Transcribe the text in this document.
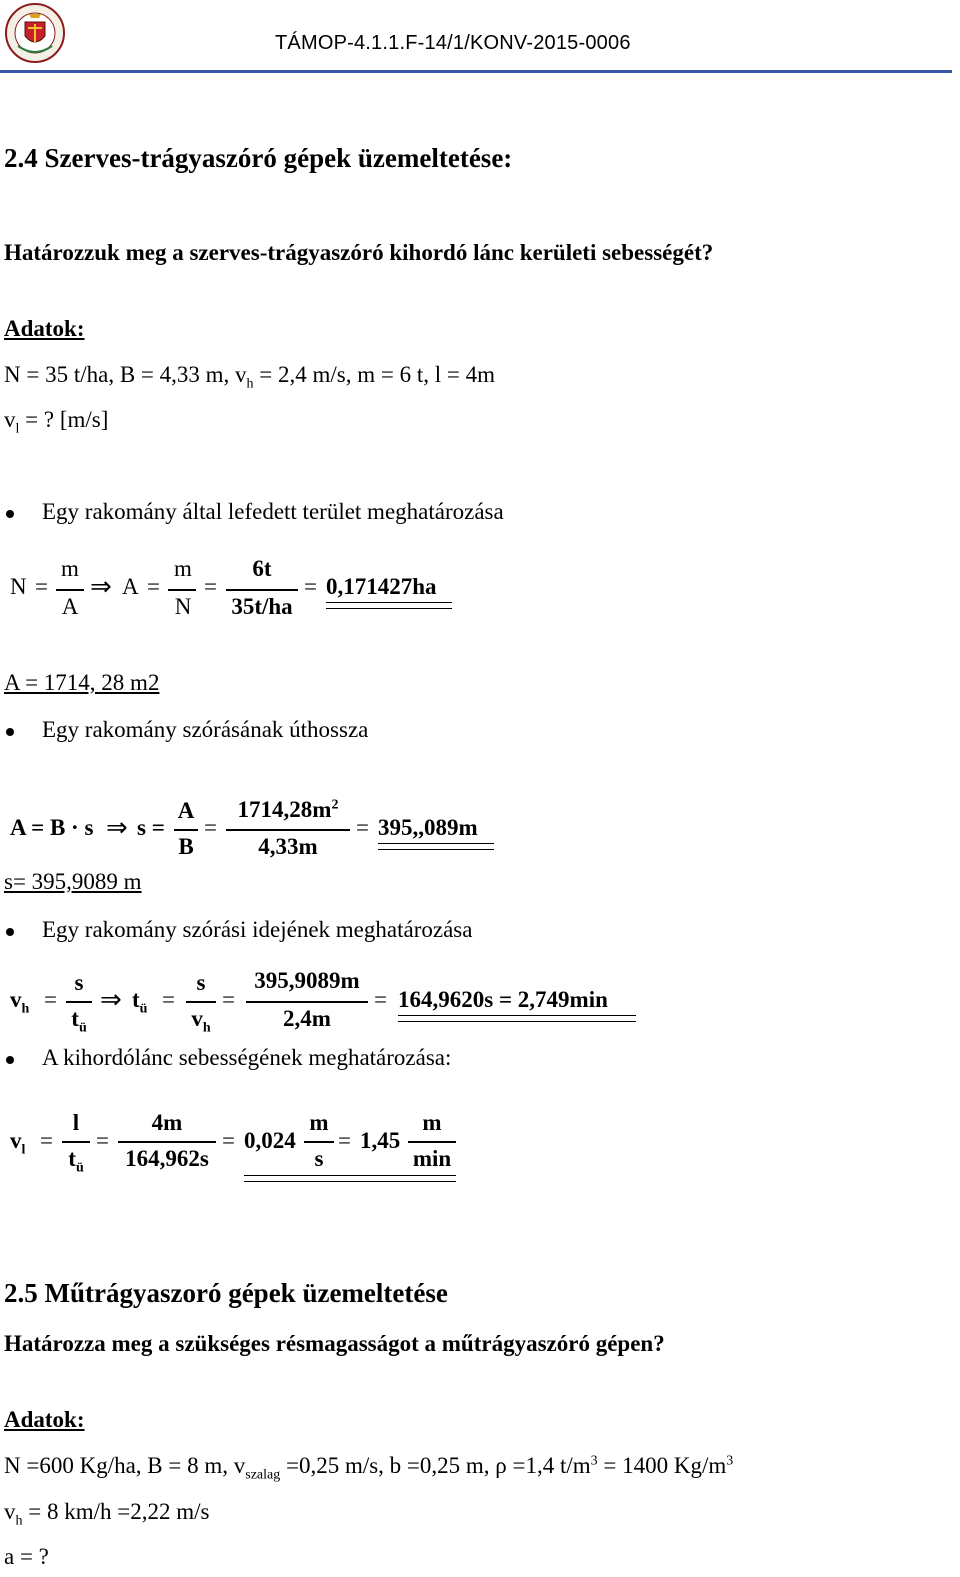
TÁMOP-4.1.1.F-14/1/KONV-2015-0006
2.4 Szerves-trágyaszóró gépek üzemeltetése:
Határozzuk meg a szerves-trágyaszóró kihordó lánc kerületi sebességét?
Adatok:
N = 35 t/ha, B = 4,33 m, $v_h = 2,4$ m/s, m = 6 t, l = 4m
$v_l$ = ? [m/s]
Egy rakomány által lefedett terület meghatározása
N =
m
A
⇒ A =
m
N
=
6t
35t/ha
= 0,171427ha
A = 1714, 28 m2
Egy rakomány szórásának úthossza
A = B · s ⇒ s =
A
B
=
$1714,28m^2$
4,33m
= 395,,089m
s= 395,9089 m
Egy rakomány szórási idejének meghatározása
$v_h$ =
s
$t_ü$
⇒ $t_ü$ =
s
$v_h$
=
395,9089m
2,4m
= 164,9620s = 2,749min
A kihordólánc sebességének meghatározása:
$v_l$ =
l
$t_ü$
=
4m
164,962s
= 0,024
m
s
= 1,45
m
min
2.5 Műtrágyaszoró gépek üzemeltetése
Határozza meg a szükséges résmagasságot a műtrágyaszóró gépen?
Adatok:
N =600 Kg/ha, B = 8 m, $v_{szalag} =0,25$ m/s, b =0,25 m, ρ =1,4 $t/m^3 = 1400$ $Kg/m^3$
$v_h = 8$ km/h =2,22 m/s
a = ?
